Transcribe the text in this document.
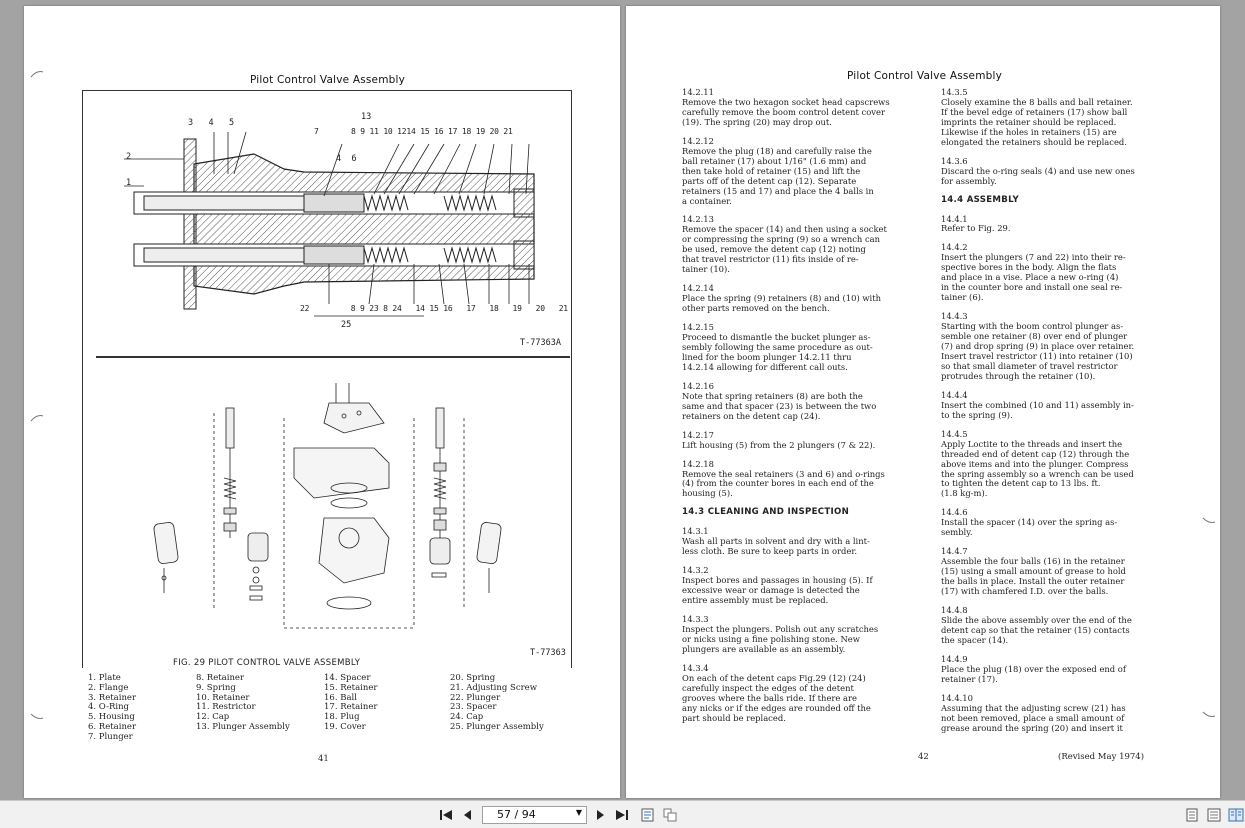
Pilot Control Valve Assembly
3 4 5
13
7	8 9 11 10 1214 15 16 17 18 19 20 21
4 6
2
1
22	8 9 23 8 24 14 15 16 17 18 19 20 21
25
T-77363A
T-77363
FIG. 29 PILOT CONTROL VALVE ASSEMBLY
1. Plate
2. Flange
3. Retainer
4. O-Ring
5. Housing
6. Retainer
7. Plunger
8. Retainer
9. Spring
10. Retainer
11. Restrictor
12. Cap
13. Plunger Assembly
14. Spacer
15. Retainer
16. Ball
17. Retainer
18. Plug
19. Cover
20. Spring
21. Adjusting Screw
22. Plunger
23. Spacer
24. Cap
25. Plunger Assembly
41
Pilot Control Valve Assembly
14.2.11
Remove the two hexagon socket head capscrews
carefully remove the boom control detent cover
(19). The spring (20) may drop out.
14.2.12
Remove the plug (18) and carefully raise the
ball retainer (17) about 1/16" (1.6 mm) and
then take hold of retainer (15) and lift the
parts off of the detent cap (12). Separate
retainers (15 and 17) and place the 4 balls in
a container.
14.2.13
Remove the spacer (14) and then using a socket
or compressing the spring (9) so a wrench can
be used, remove the detent cap (12) noting
that travel restrictor (11) fits inside of re-
tainer (10).
14.2.14
Place the spring (9) retainers (8) and (10) with
other parts removed on the bench.
14.2.15
Proceed to dismantle the bucket plunger as-
sembly following the same procedure as out-
lined for the boom plunger 14.2.11 thru
14.2.14 allowing for different call outs.
14.2.16
Note that spring retainers (8) are both the
same and that spacer (23) is between the two
retainers on the detent cap (24).
14.2.17
Lift housing (5) from the 2 plungers (7 & 22).
14.2.18
Remove the seal retainers (3 and 6) and o-rings
(4) from the counter bores in each end of the
housing (5).
14.3 CLEANING AND INSPECTION
14.3.1
Wash all parts in solvent and dry with a lint-
less cloth. Be sure to keep parts in order.
14.3.2
Inspect bores and passages in housing (5). If
excessive wear or damage is detected the
entire assembly must be replaced.
14.3.3
Inspect the plungers. Polish out any scratches
or nicks using a fine polishing stone. New
plungers are available as an assembly.
14.3.4
On each of the detent caps Fig.29 (12) (24)
carefully inspect the edges of the detent
grooves where the balls ride. If there are
any nicks or if the edges are rounded off the
part should be replaced.
14.3.5
Closely examine the 8 balls and ball retainer.
If the bevel edge of retainers (17) show ball
imprints the retainer should be replaced.
Likewise if the holes in retainers (15) are
elongated the retainers should be replaced.
14.3.6
Discard the o-ring seals (4) and use new ones
for assembly.
14.4 ASSEMBLY
14.4.1
Refer to Fig. 29.
14.4.2
Insert the plungers (7 and 22) into their re-
spective bores in the body. Align the flats
and place in a vise. Place a new o-ring (4)
in the counter bore and install one seal re-
tainer (6).
14.4.3
Starting with the boom control plunger as-
semble one retainer (8) over end of plunger
(7) and drop spring (9) in place over retainer.
Insert travel restrictor (11) into retainer (10)
so that small diameter of travel restrictor
protrudes through the retainer (10).
14.4.4
Insert the combined (10 and 11) assembly in-
to the spring (9).
14.4.5
Apply Loctite to the threads and insert the
threaded end of detent cap (12) through the
above items and into the plunger. Compress
the spring assembly so a wrench can be used
to tighten the detent cap to 13 lbs. ft.
(1.8 kg-m).
14.4.6
Install the spacer (14) over the spring as-
sembly.
14.4.7
Assemble the four balls (16) in the retainer
(15) using a small amount of grease to hold
the balls in place. Install the outer retainer
(17) with chamfered I.D. over the balls.
14.4.8
Slide the above assembly over the end of the
detent cap so that the retainer (15) contacts
the spacer (14).
14.4.9
Place the plug (18) over the exposed end of
retainer (17).
14.4.10
Assuming that the adjusting screw (21) has
not been removed, place a small amount of
grease around the spring (20) and insert it
42	(Revised May 1974)
57 / 94	▼
